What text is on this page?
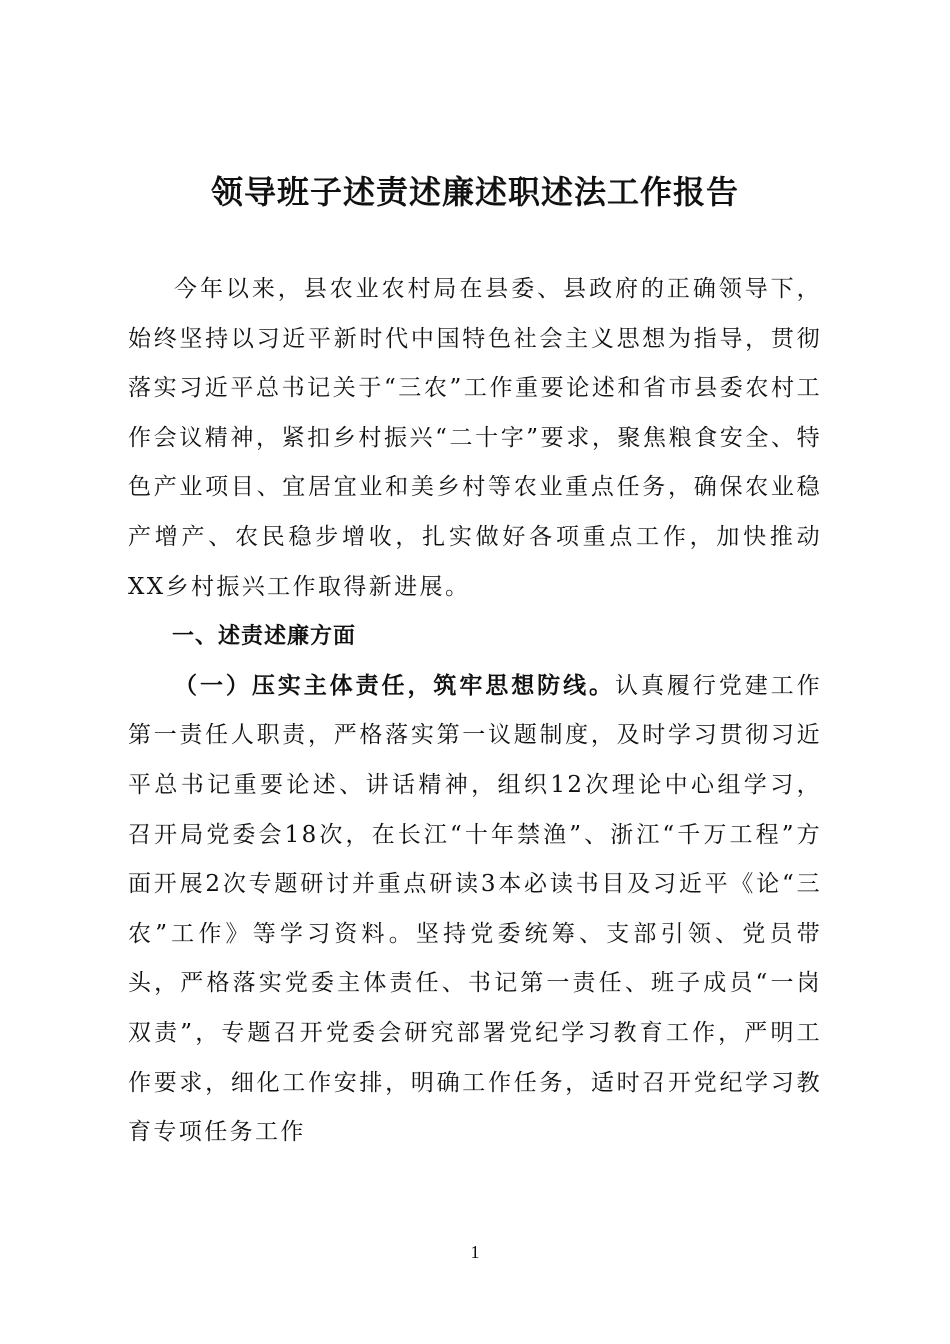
领导班子述责述廉述职述法工作报告

今年以来，县农业农村局在县委、县政府的正确领导下，始终坚持以习近平新时代中国特色社会主义思想为指导，贯彻落实习近平总书记关于“三农”工作重要论述和省市县委农村工作会议精神，紧扣乡村振兴“二十字”要求，聚焦粮食安全、特色产业项目、宜居宜业和美乡村等农业重点任务，确保农业稳产增产、农民稳步增收，扎实做好各项重点工作，加快推动XX乡村振兴工作取得新进展。

一、述责述廉方面

（一）压实主体责任，筑牢思想防线。认真履行党建工作第一责任人职责，严格落实第一议题制度，及时学习贯彻习近平总书记重要论述、讲话精神，组织12次理论中心组学习，召开局党委会18次，在长江“十年禁渔”、浙江“千万工程”方面开展2次专题研讨并重点研读3本必读书目及习近平《论“三农”工作》等学习资料。坚持党委统筹、支部引领、党员带头，严格落实党委主体责任、书记第一责任、班子成员“一岗双责”，专题召开党委会研究部署党纪学习教育工作，严明工作要求，细化工作安排，明确工作任务，适时召开党纪学习教育专项任务工作

1
